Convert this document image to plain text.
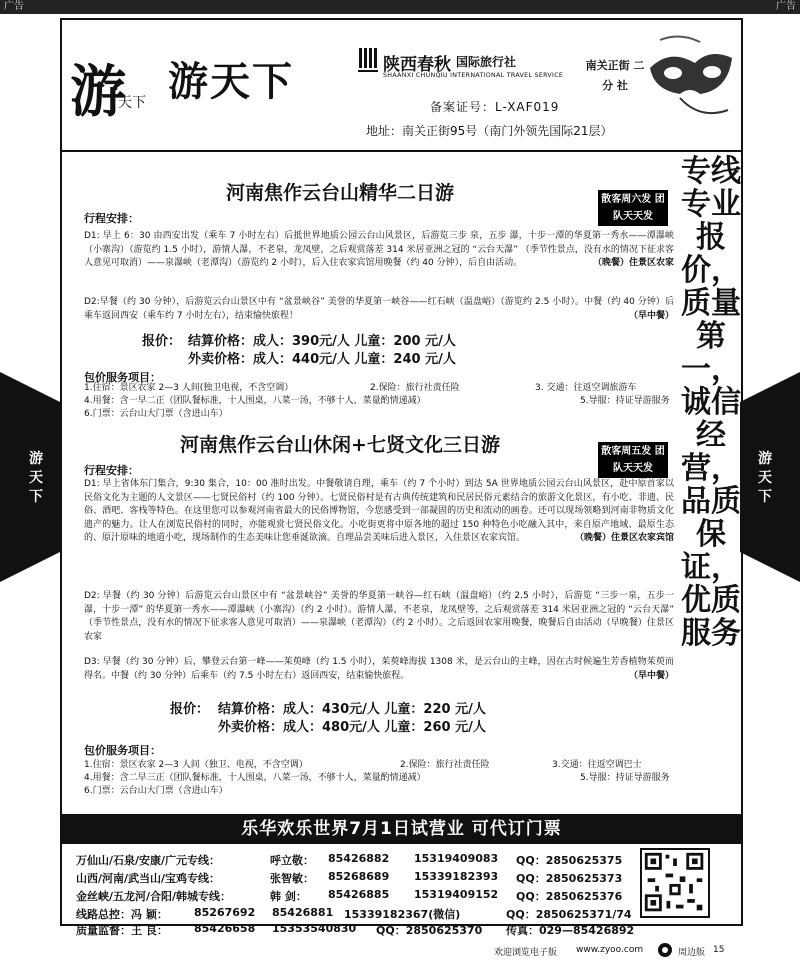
广告	广告
游天下
游天下
游
天下 游天下	陕西春秋 国际旅行社
SHAANXI CHUNQIU INTERNATIONAL TRAVEL SERVICE
南关正街 二 分 社
备案证号：L-XAF019
地址：南关正街95号（南门外领先国际21层）
专线专业报价，质量第一，诚信经营，品质保证，优质服务
河南焦作云台山精华二日游	散客周六发 团队天天发
行程安排：
D1: 早上 6：30 由西安出发（乘车 7 小时左右）后抵世界地质公园云台山风景区，后游览三步 泉，五步 瀑，十步一潭的华夏第一秀水——潭瀑峡（小寨沟）（游览约 1.5 小时），游情人瀑，不老泉，龙凤壁，之后观赏落差 314 米居亚洲之冠的 “云台天瀑” （季节性景点，没有水的情况下征求客人意见可取消）——泉瀑峡（老潭沟）（游览约 2 小时），后入住农家宾馆用晚餐（约 40 分钟），后自由活动。	（晚餐）住景区农家
D2:早餐（约 30 分钟），后游览云台山景区中有 “盆景峡谷” 美誉的华夏第一峡谷——红石峡（温盘峪）（游览约 2.5 小时）。中餐（约 40 分钟）后乘车返回西安（乘车约 7 小时左右），结束愉快旅程！	（早中餐）
报价： 结算价格：成人：390元/人 儿童：200 元/人
外卖价格：成人：440元/人 儿童：240 元/人
包价服务项目：
1.住宿：景区农家 2—3 人间(独卫电视，不含空调）	2.保险：旅行社责任险	3. 交通：往返空调旅游车
4.用餐：含一早二正（团队餐标准，十人围桌，八菜一汤，不够十人，菜量酌情递减）	5.导服：持证导游服务
6.门票：云台山大门票（含进山车）
河南焦作云台山休闲+七贤文化三日游	散客周五发 团队天天发
行程安排：
D1: 早上省体东门集合，9:30 集合，10：00 准时出发。中餐敬请自理，乘车（约 7 个小时）到达 5A 世界地质公园云台山风景区，赴中原首家以民俗文化为主题的人文景区——七贤民俗村（约 100 分钟）。七贤民俗村是有古典传统建筑和民居民俗元素结合的旅游文化景区，有小吃、非遗、民俗、酒吧、客栈等特色。在这里您可以参观河南省最大的民俗博物馆，今您感受到一部凝固的历史和流动的画卷。还可以现场领略到河南非物质文化遗产的魅力。让人在浏览民俗村的同时，亦能观赏七贤民俗文化。小吃街更将中原各地的超过 150 种特色小吃融入其中，来自原产地域、最原生态的、原汁原味的地道小吃，现场制作的生态美味让您垂涎欲滴。自理品尝美味后进入景区，入住景区农家宾馆。	（晚餐）住景区农家宾馆
D2: 早餐（约 30 分钟）后游览云台山景区中有 “盆景峡谷” 美誉的华夏第一峡谷—红石峡（温盘峪）（约 2.5 小时），后游览 “三步一泉，五步一瀑，十步一潭” 的华夏第一秀水——潭瀑峡（小寨沟）（约 2 小时）。游情人瀑，不老泉，龙凤壁等，之后观赏落差 314 米居亚洲之冠的 “云台天瀑” （季节性景点，没有水的情况下征求客人意见可取消）——泉瀑峡（老潭沟）（约 2 小时）。之后返回农家用晚餐，晚餐后自由活动（早晚餐）住景区农家
D3: 早餐（约 30 分钟）后，攀登云台第一峰——茱萸峰（约 1.5 小时），茱萸峰海拔 1308 米，是云台山的主峰，因在古时候遍生芳香植物茱萸而得名。中餐（约 30 分钟）后乘车（约 7.5 小时左右）返回西安，结束愉快旅程。	（早中餐）
报价： 结算价格：成人：430元/人 儿童：220 元/人
外卖价格：成人：480元/人 儿童：260 元/人
包价服务项目：
1.住宿：景区农家 2—3 人间（独卫、电视，不含空调）	2.保险：旅行社责任险	3.交通：往返空调巴士
4.用餐：含二早三正（团队餐标准，十人围桌，八菜一汤，不够十人，菜量酌情递减）	5.导服：持证导游服务
6.门票：云台山大门票（含进山车）
乐华欢乐世界7月1日试营业 可代订门票
万仙山/石泉/安康/广元专线：	呼立敬： 85426882 15319409083 QQ：2850625375
山西/河南/武当山/宝鸡专线：	张智敏： 85268689 15339182393 QQ：2850625373
金丝峡/五龙河/合阳/韩城专线：	韩 剑： 85426885 15319409152 QQ：2850625376
线路总控：冯 颖： 85267692 85426881 15339182367(微信)	QQ：2850625371/74
质量监督：王 良： 85426658 15353540830 QQ：2850625370 传真：029—85426892
欢迎浏览电子版 www.zyoo.com	周边版 15
